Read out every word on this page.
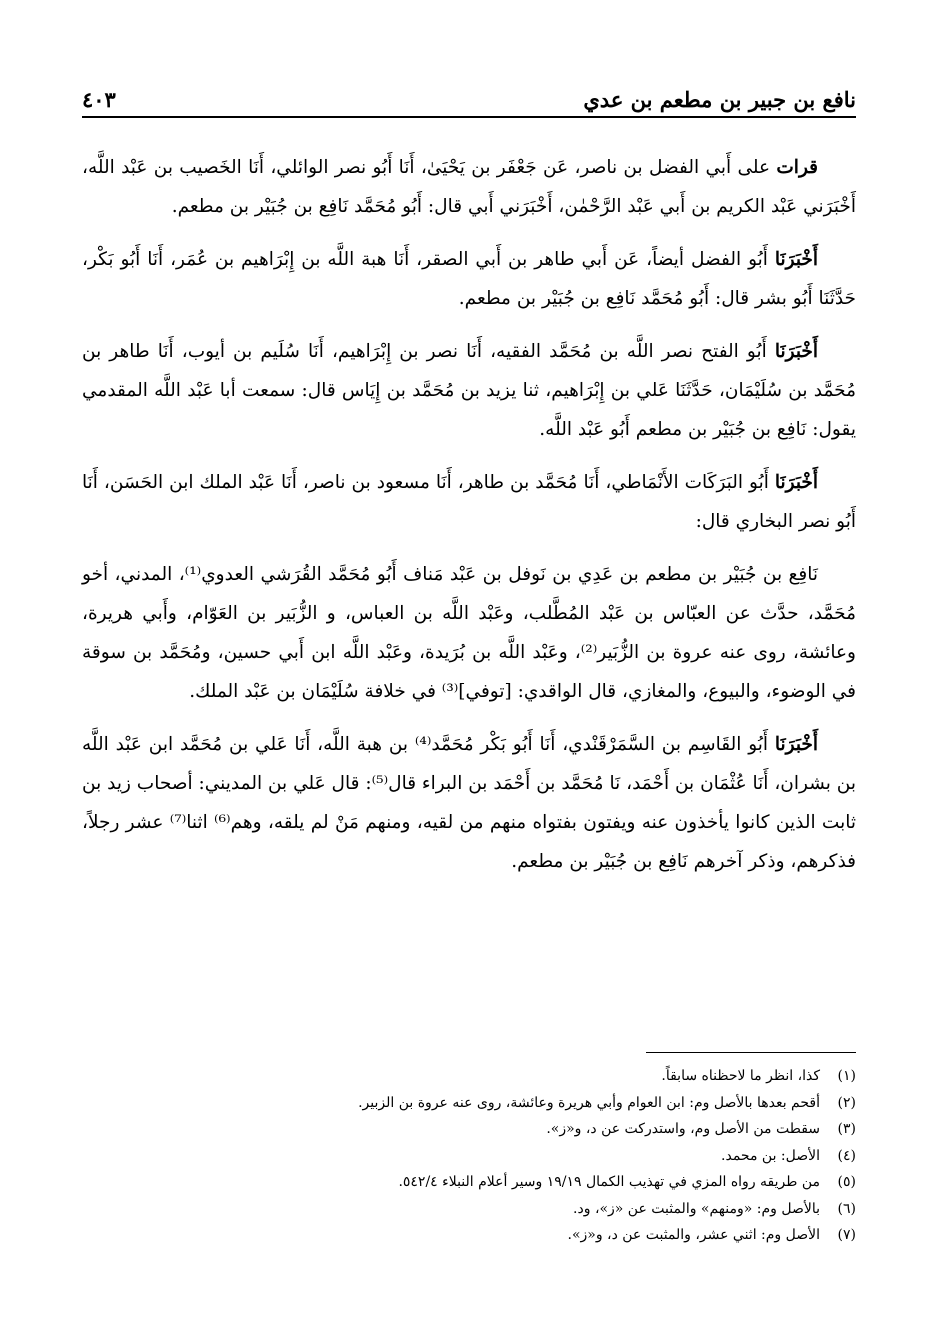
نافع بن جبير بن مطعم بن عدي
٤٠٣

قرات على أَبي الفضل بن ناصر، عَن جَعْفَر بن يَحْيَىٰ، أَنَا أَبُو نصر الوائلي، أَنَا الخَصيب بن عَبْد اللَّه، أَخْبَرَني عَبْد الكريم بن أَبي عَبْد الرَّحْمٰن، أَخْبَرَني أَبي قال: أَبُو مُحَمَّد نَافِع بن جُبَيْر بن مطعم.

أَخْبَرَنَا أَبُو الفضل أيضاً، عَن أَبي طاهر بن أَبي الصقر، أَنَا هبة اللَّه بن إِبْرَاهيم بن عُمَر، أَنَا أَبُو بَكْر، حَدَّثَنَا أَبُو بشر قال: أَبُو مُحَمَّد نَافِع بن جُبَيْر بن مطعم.

أَخْبَرَنَا أَبُو الفتح نصر اللَّه بن مُحَمَّد الفقيه، أَنَا نصر بن إِبْرَاهيم، أَنَا سُلَيم بن أيوب، أَنَا طاهر بن مُحَمَّد بن سُلَيْمَان، حَدَّثَنَا عَلي بن إِبْرَاهيم، ثنا يزيد بن مُحَمَّد بن إِيَاس قال: سمعت أبا عَبْد اللَّه المقدمي يقول: نَافِع بن جُبَيْر بن مطعم أَبُو عَبْد اللَّه.

أَخْبَرَنَا أَبُو البَرَكَات الأَنْمَاطي، أَنَا مُحَمَّد بن طاهر، أَنَا مسعود بن ناصر، أَنَا عَبْد الملك ابن الحَسَن، أَنَا أَبُو نصر البخاري قال:

نَافِع بن جُبَيْر بن مطعم بن عَدِي بن نَوفل بن عَبْد مَناف أَبُو مُحَمَّد القُرَشي العدوي⁽¹⁾، المدني، أخو مُحَمَّد، حدَّث عن العبّاس بن عَبْد المُطَّلب، وعَبْد اللَّه بن العباس، و الزُّبَير بن العَوّام، وأَبي هريرة، وعائشة، روى عنه عروة بن الزُّبَير⁽²⁾، وعَبْد اللَّه بن بُرَيدة، وعَبْد اللَّه ابن أَبي حسين، ومُحَمَّد بن سوقة في الوضوء، والبيوع، والمغازي، قال الواقدي: [توفي]⁽³⁾ في خلافة سُلَيْمَان بن عَبْد الملك.

أَخْبَرَنَا أَبُو القَاسِم بن السَّمَرْقَنْدي، أَنَا أَبُو بَكْر مُحَمَّد⁽⁴⁾ بن هبة اللَّه، أَنَا عَلي بن مُحَمَّد ابن عَبْد اللَّه بن بشران، أَنَا عُثْمَان بن أَحْمَد، نَا مُحَمَّد بن أَحْمَد بن البراء قال⁽⁵⁾: قال عَلي بن المديني: أصحاب زيد بن ثابت الذين كانوا يأخذون عنه ويفتون بفتواه منهم من لقيه، ومنهم مَنْ لم يلقه، وهم⁽⁶⁾ اثنا⁽⁷⁾ عشر رجلاً، فذكرهم، وذكر آخرهم نَافِع بن جُبَيْر بن مطعم.

(١)
كذا، انظر ما لاحظناه سابقاً.
(٢)
أقحم بعدها بالأصل وم: ابن العوام وأبي هريرة وعائشة، روى عنه عروة بن الزبير.
(٣)
سقطت من الأصل وم، واستدركت عن د، و«ز».
(٤)
الأصل: بن محمد.
(٥)
من طريقه رواه المزي في تهذيب الكمال ١٩/١٩ وسير أعلام النبلاء ٥٤٢/٤.
(٦)
بالأصل وم: «ومنهم» والمثبت عن «ز»، ود.
(٧)
الأصل وم: اثني عشر، والمثبت عن د، و«ز».
